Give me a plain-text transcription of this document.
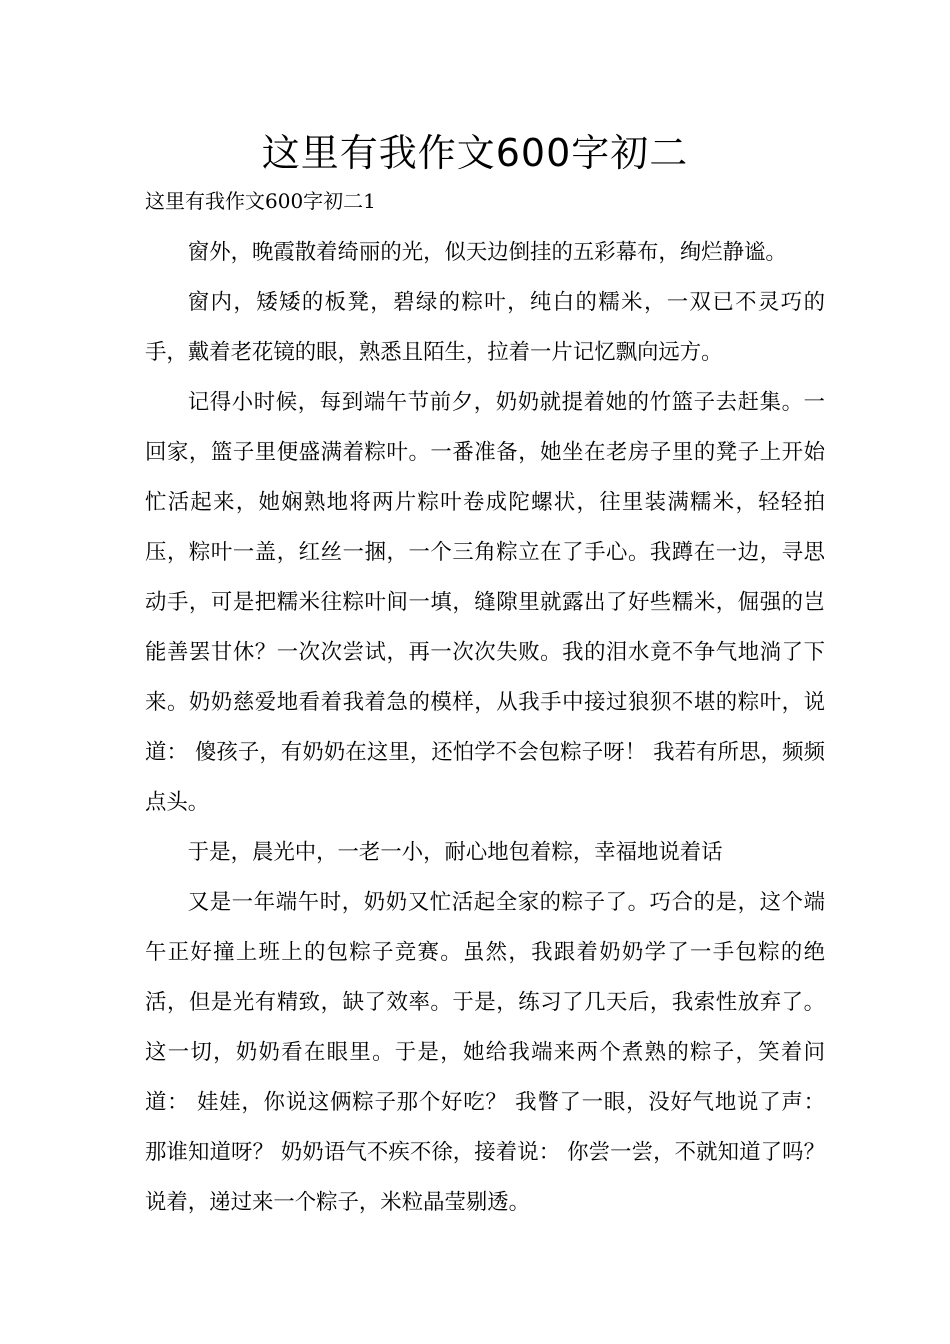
这里有我作文600字初二
这里有我作文600字初二1

窗外，晚霞散着绮丽的光，似天边倒挂的五彩幕布，绚烂静谧。

窗内，矮矮的板凳，碧绿的粽叶，纯白的糯米，一双已不灵巧的手，戴着老花镜的眼，熟悉且陌生，拉着一片记忆飘向远方。

记得小时候，每到端午节前夕，奶奶就提着她的竹篮子去赶集。一回家，篮子里便盛满着粽叶。一番准备，她坐在老房子里的凳子上开始忙活起来，她娴熟地将两片粽叶卷成陀螺状，往里装满糯米，轻轻拍压，粽叶一盖，红丝一捆，一个三角粽立在了手心。我蹲在一边，寻思动手，可是把糯米往粽叶间一填，缝隙里就露出了好些糯米，倔强的岂能善罢甘休？一次次尝试，再一次次失败。我的泪水竟不争气地淌了下来。奶奶慈爱地看着我着急的模样，从我手中接过狼狈不堪的粽叶，说道： 傻孩子，有奶奶在这里，还怕学不会包粽子呀！ 我若有所思，频频点头。

于是，晨光中，一老一小，耐心地包着粽，幸福地说着话

又是一年端午时，奶奶又忙活起全家的粽子了。巧合的是，这个端午正好撞上班上的包粽子竞赛。虽然，我跟着奶奶学了一手包粽的绝活，但是光有精致，缺了效率。于是，练习了几天后，我索性放弃了。这一切，奶奶看在眼里。于是，她给我端来两个煮熟的粽子，笑着问道： 娃娃，你说这俩粽子那个好吃？ 我瞥了一眼，没好气地说了声： 那谁知道呀？ 奶奶语气不疾不徐，接着说： 你尝一尝，不就知道了吗？ 说着，递过来一个粽子，米粒晶莹剔透。
